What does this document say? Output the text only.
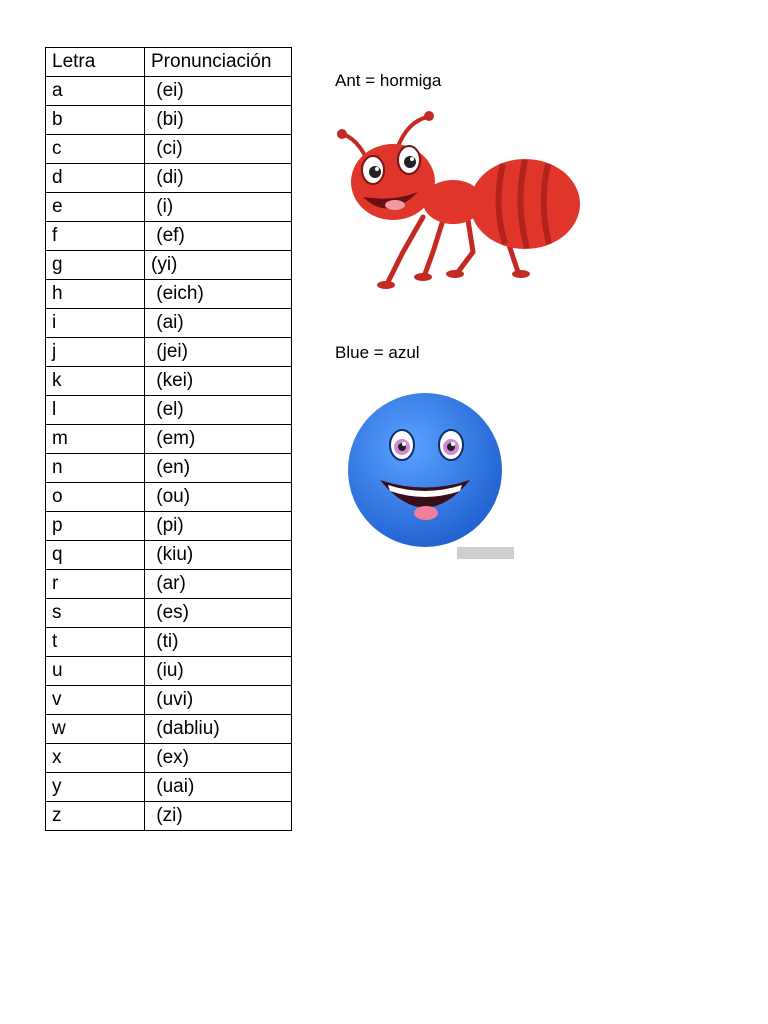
Letra	Pronunciación
a	(ei)
b	(bi)
c	(ci)
d	(di)
e	(i)
f	(ef)
g	(yi)
h	(eich)
i	(ai)
j	(jei)
k	(kei)
l	(el)
m	(em)
n	(en)
o	(ou)
p	(pi)
q	(kiu)
r	(ar)
s	(es)
t	(ti)
u	(iu)
v	(uvi)
w	(dabliu)
x	(ex)
y	(uai)
z	(zi)
Ant = hormiga
Blue = azul
